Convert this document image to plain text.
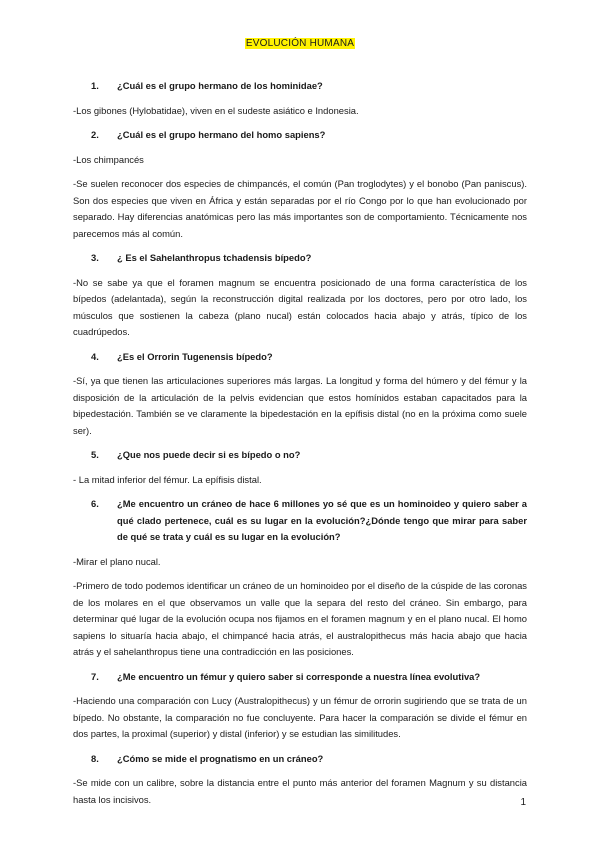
EVOLUCIÓN HUMANA
1.	¿Cuál es el grupo hermano de los hominidae?

-Los gibones (Hylobatidae), viven en el sudeste asiático e Indonesia.

2.	¿Cuál es el grupo hermano del homo sapiens?

-Los chimpancés

-Se suelen reconocer dos especies de chimpancés, el común (Pan troglodytes) y el bonobo (Pan paniscus). Son dos especies que viven en África y están separadas por el río Congo por lo que han evolucionado por separado. Hay diferencias anatómicas pero las más importantes son de comportamiento. Técnicamente nos parecemos más al común.

3.	¿ Es el Sahelanthropus tchadensis bípedo?

-No se sabe ya que el foramen magnum se encuentra posicionado de una forma característica de los bípedos (adelantada), según la reconstrucción digital realizada por los doctores, pero por otro lado, los músculos que sostienen la cabeza (plano nucal) están colocados hacia abajo y atrás, típico de los cuadrúpedos.

4.	¿Es el Orrorin Tugenensis bípedo?

-Sí, ya que tienen las articulaciones superiores más largas. La longitud y forma del húmero y del fémur y la disposición de la articulación de la pelvis evidencian que estos homínidos estaban capacitados para la bipedestación. También se ve claramente la bipedestación en la epífisis distal (no en la próxima como suele ser).

5.	¿Que nos puede decir si es bípedo o no?

- La mitad inferior del fémur. La epífisis distal.

6.	¿Me encuentro un cráneo de hace 6 millones yo sé que es un hominoideo y quiero saber a qué clado pertenece, cuál es su lugar en la evolución?¿Dónde tengo que mirar para saber de qué se trata y cuál es su lugar en la evolución?

-Mirar el plano nucal.

-Primero de todo podemos identificar un cráneo de un hominoideo por el diseño de la cúspide de las coronas de los molares en el que observamos un valle que la separa del resto del cráneo. Sin embargo, para determinar qué lugar de la evolución ocupa nos fijamos en el foramen magnum y en el plano nucal. El homo sapiens lo situaría hacia abajo, el chimpancé hacia atrás, el australopithecus más hacia abajo que hacia atrás y el sahelanthropus tiene una contradicción en las posiciones.

7.	¿Me encuentro un fémur y quiero saber si corresponde a nuestra línea evolutiva?

-Haciendo una comparación con Lucy (Australopithecus) y un fémur de orrorin sugiriendo que se trata de un bípedo. No obstante, la comparación no fue concluyente. Para hacer la comparación se divide el fémur en dos partes, la proximal (superior) y distal (inferior) y se estudian las similitudes.

8.	¿Cómo se mide el prognatismo en un cráneo?

-Se mide con un calibre, sobre la distancia entre el punto más anterior del foramen Magnum y su distancia hasta los incisivos.	1
